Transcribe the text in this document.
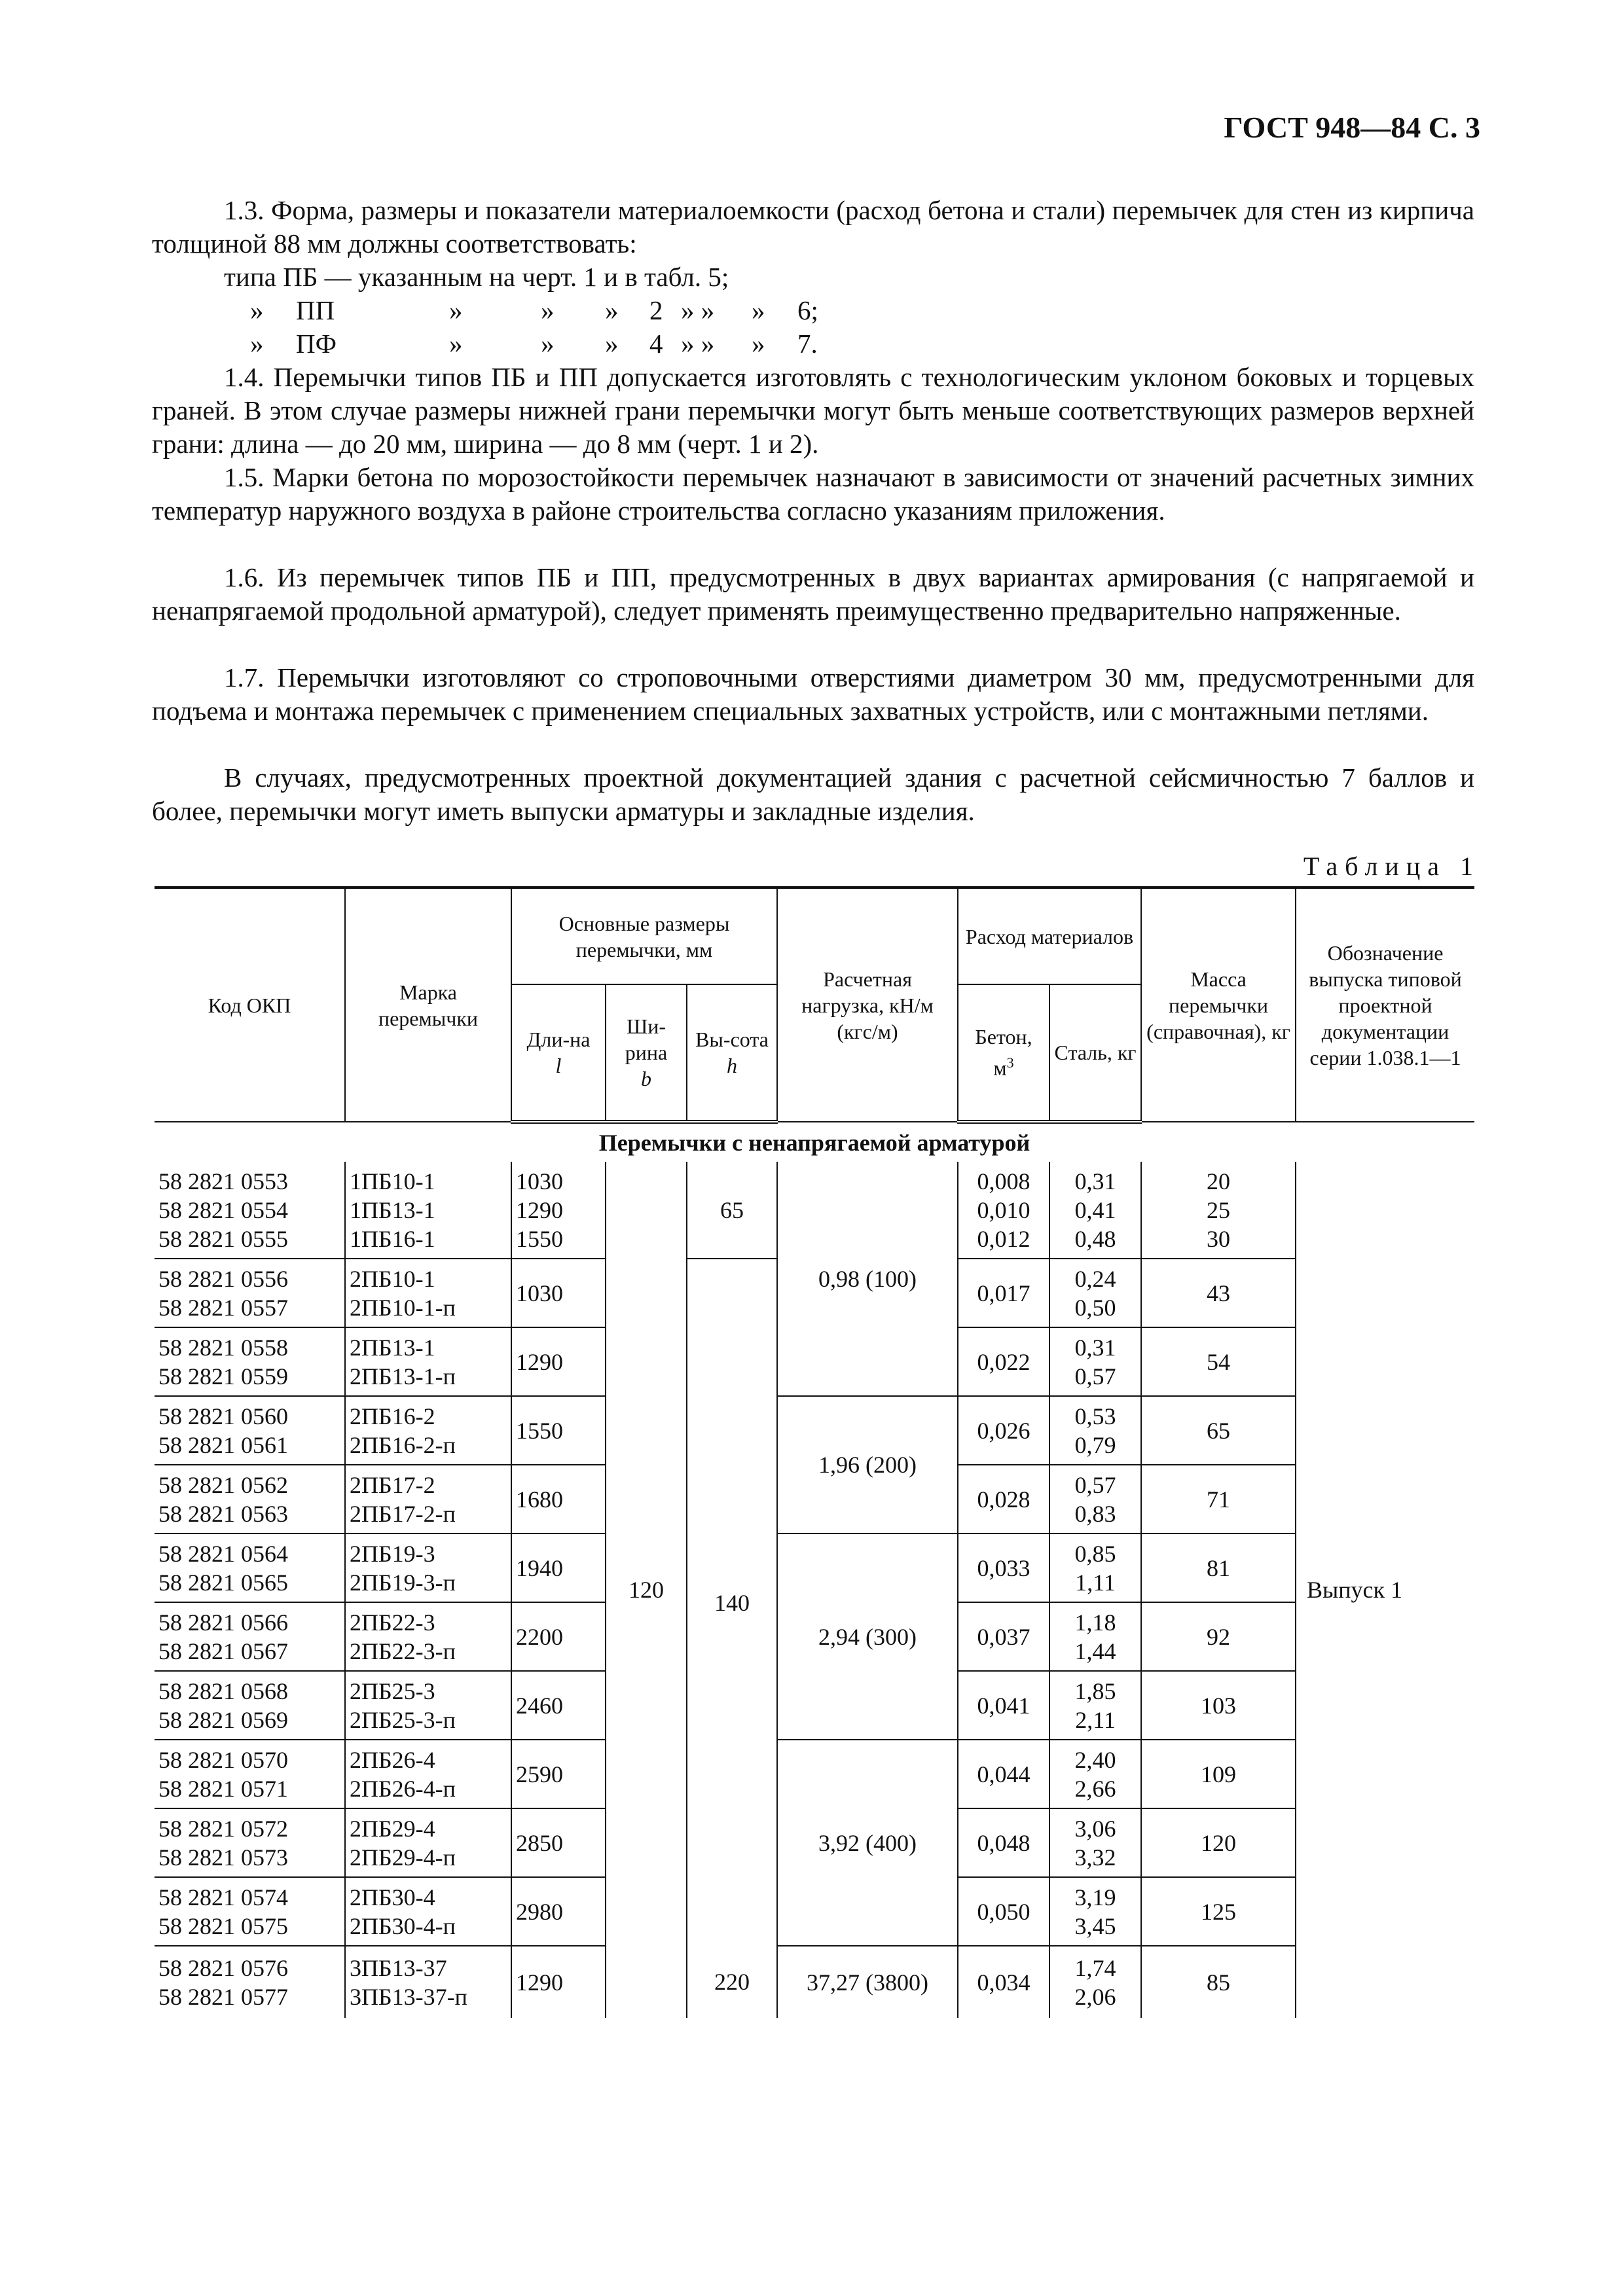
ГОСТ 948—84 С. 3

1.3. Форма, размеры и показатели материалоемкости (расход бетона и стали) перемычек для стен из кирпича толщиной 88 мм должны соответствовать:

типа ПБ — указанным на черт. 1 и в табл. 5;
» ПП	»	» » 2 » » » 6;
» ПФ	»	» » 4 » » » 7.

1.4. Перемычки типов ПБ и ПП допускается изготовлять с технологическим уклоном боковых и торцевых граней. В этом случае размеры нижней грани перемычки могут быть меньше соответствующих размеров верхней грани: длина — до 20 мм, ширина — до 8 мм (черт. 1 и 2).

1.5. Марки бетона по морозостойкости перемычек назначают в зависимости от значений расчетных зимних температур наружного воздуха в районе строительства согласно указаниям приложения.

1.6. Из перемычек типов ПБ и ПП, предусмотренных в двух вариантах армирования (с напрягаемой и ненапрягаемой продольной арматурой), следует применять преимущественно предварительно напряженные.

1.7. Перемычки изготовляют со строповочными отверстиями диаметром 30 мм, предусмотренными для подъема и монтажа перемычек с применением специальных захватных устройств, или с монтажными петлями.

В случаях, предусмотренных проектной документацией здания с расчетной сейсмичностью 7 баллов и более, перемычки могут иметь выпуски арматуры и закладные изделия.

Таблица 1
Код ОКП	Марка перемычки	Основные размеры перемычки, мм			Расчетная нагрузка, кН/м (кгс/м)	Расход материалов		Масса перемычки (справочная), кг	Обозначение выпуска типовой проектной документации серии 1.038.1—1
		Дли-на
l	Ши-рина
b	Вы-сота
h		Бетон, $м^3$	Сталь, кг		
Перемычки с ненапрягаемой арматурой									

58 2821 0553
58 2821 0554
58 2821 0555	1ПБ10-1
1ПБ13-1
1ПБ16-1	1030
1290
1550	120	65	0,98 (100)	0,008
0,010
0,012	0,31
0,41
0,48	20
25
30	Выпуск 1

58 2821 0556
58 2821 0557	2ПБ10-1
2ПБ10-1-п	1030		140		0,017	0,24
0,50	43	

58 2821 0558
58 2821 0559	2ПБ13-1
2ПБ13-1-п	1290				0,022	0,31
0,57	54	

58 2821 0560
58 2821 0561	2ПБ16-2
2ПБ16-2-п	1550			1,96 (200)	0,026	0,53
0,79	65	

58 2821 0562
58 2821 0563	2ПБ17-2
2ПБ17-2-п	1680				0,028	0,57
0,83	71	

58 2821 0564
58 2821 0565	2ПБ19-3
2ПБ19-3-п	1940			2,94 (300)	0,033	0,85
1,11	81	

58 2821 0566
58 2821 0567	2ПБ22-3
2ПБ22-3-п	2200				0,037	1,18
1,44	92	

58 2821 0568
58 2821 0569	2ПБ25-3
2ПБ25-3-п	2460				0,041	1,85
2,11	103	

58 2821 0570
58 2821 0571	2ПБ26-4
2ПБ26-4-п	2590			3,92 (400)	0,044	2,40
2,66	109	

58 2821 0572
58 2821 0573	2ПБ29-4
2ПБ29-4-п	2850				0,048	3,06
3,32	120	

58 2821 0574
58 2821 0575	2ПБ30-4
2ПБ30-4-п	2980				0,050	3,19
3,45	125	

58 2821 0576
58 2821 0577	3ПБ13-37
3ПБ13-37-п	1290		220	37,27 (3800)	0,034	1,74
2,06	85	
